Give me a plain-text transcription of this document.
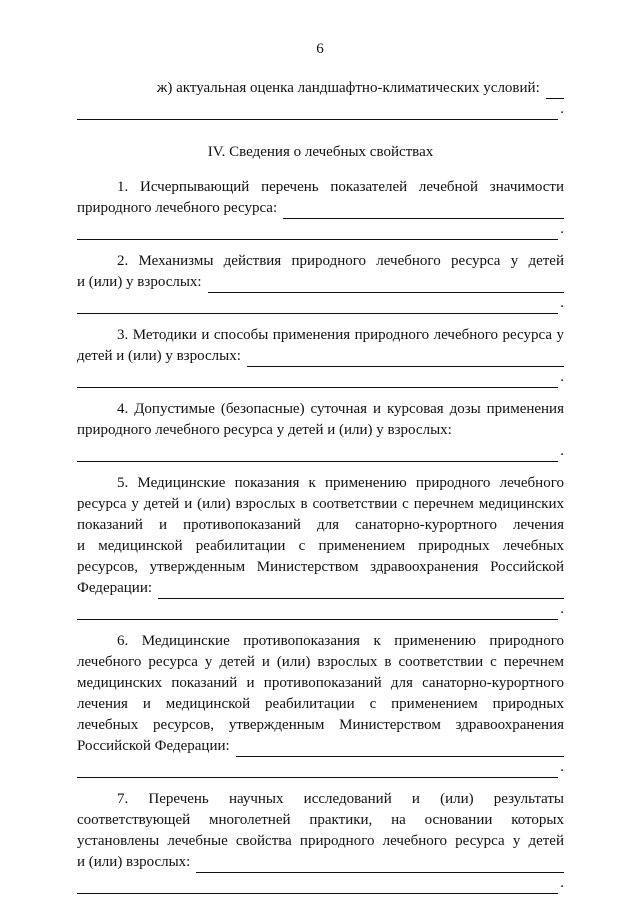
6
ж) актуальная оценка ландшафтно-климатических условий:
.

IV. Сведения о лечебных свойствах

1. Исчерпывающий перечень показателей лечебной значимости

природного лечебного ресурса:
.

2. Механизмы действия природного лечебного ресурса у детей

и (или) у взрослых:
.

3. Методики и способы применения природного лечебного ресурса у

детей и (или) у взрослых:
.

4. Допустимые (безопасные) суточная и курсовая дозы применения

природного лечебного ресурса у детей и (или) у взрослых:

.

5. Медицинские показания к применению природного лечебного

ресурса у детей и (или) взрослых в соответствии с перечнем медицинских

показаний и противопоказаний для санаторно-курортного лечения

и медицинской реабилитации с применением природных лечебных

ресурсов, утвержденным Министерством здравоохранения Российской

Федерации:
.

6. Медицинские противопоказания к применению природного

лечебного ресурса у детей и (или) взрослых в соответствии с перечнем

медицинских показаний и противопоказаний для санаторно-курортного

лечения и медицинской реабилитации с применением природных

лечебных ресурсов, утвержденным Министерством здравоохранения

Российской Федерации:
.

7. Перечень научных исследований и (или) результаты

соответствующей многолетней практики, на основании которых

установлены лечебные свойства природного лечебного ресурса у детей

и (или) взрослых:
.
